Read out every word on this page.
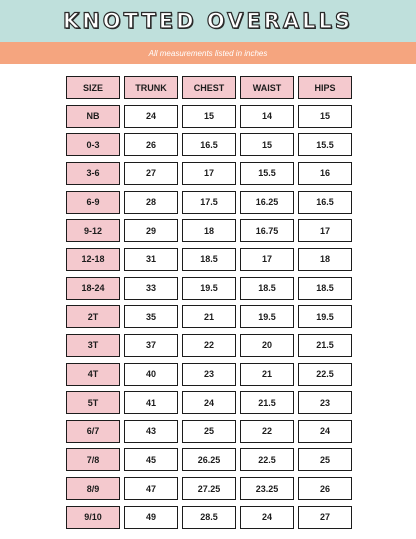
KNOTTED OVERALLS
All measurements listed in inches
SIZE	TRUNK	CHEST	WAIST	HIPS
NB	24	15	14	15
0-3	26	16.5	15	15.5
3-6	27	17	15.5	16
6-9	28	17.5	16.25	16.5
9-12	29	18	16.75	17
12-18	31	18.5	17	18
18-24	33	19.5	18.5	18.5
2T	35	21	19.5	19.5
3T	37	22	20	21.5
4T	40	23	21	22.5
5T	41	24	21.5	23
6/7	43	25	22	24
7/8	45	26.25	22.5	25
8/9	47	27.25	23.25	26
9/10	49	28.5	24	27
